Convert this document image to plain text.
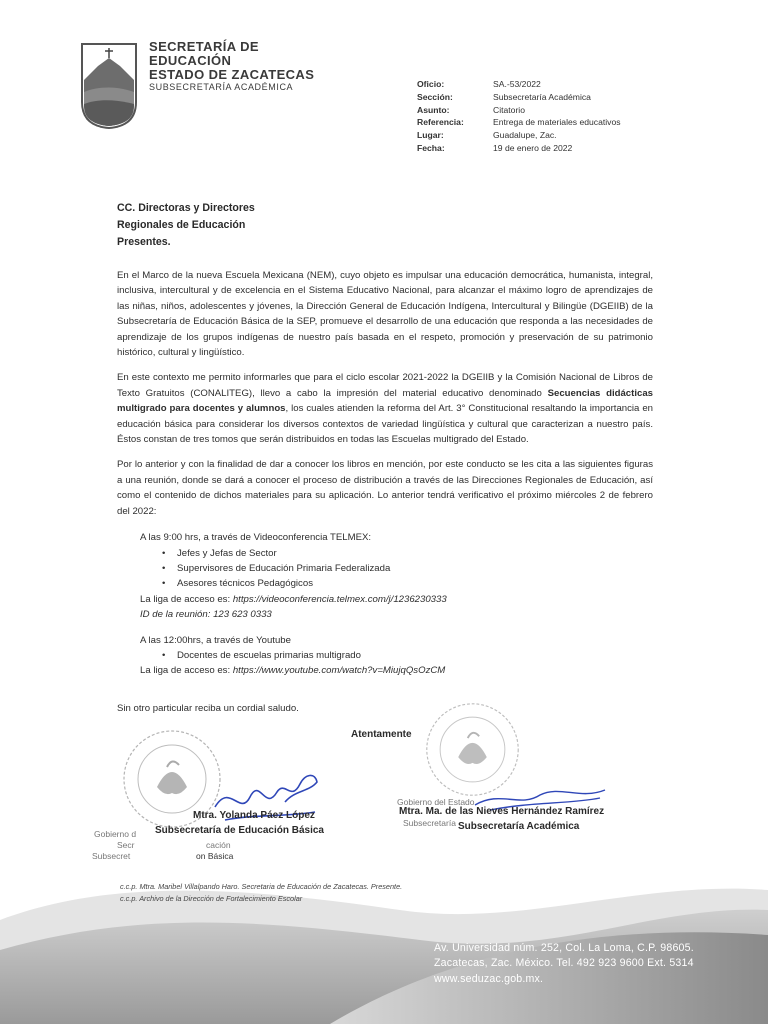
SECRETARÍA DE
EDUCACIÓN
ESTADO DE ZACATECAS
SUBSECRETARÍA ACADÉMICA	Oficio:	SA.-53/2022
Sección:	Subsecretaría Académica
Asunto:	Citatorio
Referencia:	Entrega de materiales educativos
Lugar:	Guadalupe, Zac.
Fecha:	19 de enero de 2022
CC. Directoras y Directores
Regionales de Educación
Presentes.

En el Marco de la nueva Escuela Mexicana (NEM), cuyo objeto es impulsar una educación democrática, humanista, integral, inclusiva, intercultural y de excelencia en el Sistema Educativo Nacional, para alcanzar el máximo logro de aprendizajes de las niñas, niños, adolescentes y jóvenes, la Dirección General de Educación Indígena, Intercultural y Bilingüe (DGEIIB) de la Subsecretaría de Educación Básica de la SEP, promueve el desarrollo de una educación que responda a las necesidades de aprendizaje de los grupos indígenas de nuestro país basada en el respeto, promoción y preservación de su patrimonio histórico, cultural y lingüístico.

En este contexto me permito informarles que para el ciclo escolar 2021-2022 la DGEIIB y la Comisión Nacional de Libros de Texto Gratuitos (CONALITEG), llevo a cabo la impresión del material educativo denominado Secuencias didácticas multigrado para docentes y alumnos, los cuales atienden la reforma del Art. 3° Constitucional resaltando la importancia en educación básica para considerar los diversos contextos de variedad lingüística y cultural que caracterizan a nuestro país. Éstos constan de tres tomos que serán distribuidos en todas las Escuelas multigrado del Estado.

Por lo anterior y con la finalidad de dar a conocer los libros en mención, por este conducto se les cita a las siguientes figuras a una reunión, donde se dará a conocer el proceso de distribución a través de las Direcciones Regionales de Educación, así como el contenido de dichos materiales para su aplicación. Lo anterior tendrá verificativo el próximo miércoles 2 de febrero del 2022:

A las 9:00 hrs, a través de Videoconferencia TELMEX:
• Jefes y Jefas de Sector
• Supervisores de Educación Primaria Federalizada
• Asesores técnicos Pedagógicos
La liga de acceso es: https://videoconferencia.telmex.com/j/1236230333
ID de la reunión: 123 623 0333
A las 12:00hrs, a través de Youtube
• Docentes de escuelas primarias multigrado
La liga de acceso es: https://www.youtube.com/watch?v=MiujqQsOzCM

Sin otro particular reciba un cordial saludo.

Atentamente
Mtra. Yolanda Páez López
Subsecretaría de Educación Básica
Gobierno d
Secr	cación
Subsecret	on Básica
Gobierno del Estado
Subsecretaría
Mtra. Ma. de las Nieves Hernández Ramírez
Subsecretaría Académica
c.c.p. Mtra. Maribel Villalpando Haro. Secretaria de Educación de Zacatecas. Presente.
c.c.p. Archivo de la Dirección de Fortalecimiento Escolar
Av. Universidad núm. 252, Col. La Loma, C.P. 98605.
Zacatecas, Zac. México. Tel. 492 923 9600 Ext. 5314
www.seduzac.gob.mx.
